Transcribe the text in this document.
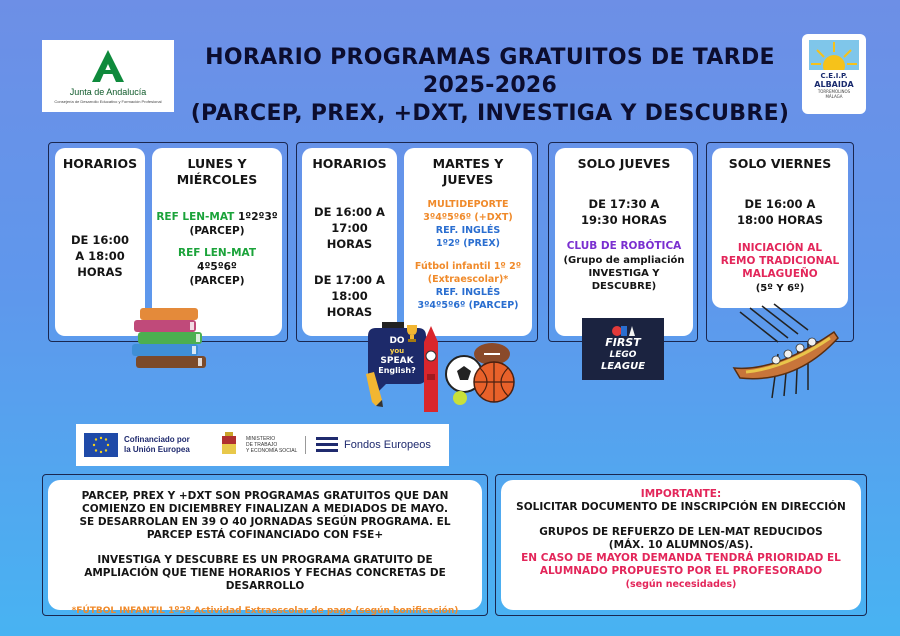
Junta de Andalucía
Consejería de Desarrollo Educativo y Formación Profesional
C.E.I.P.
ALBAIDA
TORREMOLINOS
MÁLAGA
HORARIO PROGRAMAS GRATUITOS DE TARDE 2025-2026
(PARCEP, PREX, +DXT, INVESTIGA Y DESCUBRE)
HORARIOS
DE 16:00 A 18:00 HORAS
LUNES Y MIÉRCOLES
REF LEN-MAT 1º2º3º
(PARCEP)
REF LEN-MAT
4º5º6º
(PARCEP)
HORARIOS
DE 16:00 A 17:00 HORAS
DE 17:00 A 18:00 HORAS
MARTES Y JUEVES
MULTIDEPORTE
3º4º5º6º (+DXT)
REF. INGLÉS
1º2º (PREX)
Fútbol infantil 1º 2º
(Extraescolar)*
REF. INGLÉS
3º4º5º6º (PARCEP)
DO
you
SPEAK
English?
SOLO JUEVES
DE 17:30 A 19:30 HORAS
CLUB DE ROBÓTICA
(Grupo de ampliación INVESTIGA Y DESCUBRE)
FIRST
LEGO
LEAGUE
SOLO VIERNES
DE 16:00 A 18:00 HORAS
INICIACIÓN AL REMO TRADICIONAL MALAGUEÑO
(5º Y 6º)
Cofinanciado por
la Unión Europea
MINISTERIO
DE TRABAJO
Y ECONOMÍA SOCIAL	Fondos Europeos
PARCEP, PREX Y +DXT SON PROGRAMAS GRATUITOS QUE DAN COMIENZO EN DICIEMBREY FINALIZAN A MEDIADOS DE MAYO. SE DESARROLAN EN 39 O 40 JORNADAS SEGÚN PROGRAMA. EL PARCEP ESTÁ COFINANCIADO CON FSE+
INVESTIGA Y DESCUBRE ES UN PROGRAMA GRATUITO DE AMPLIACIÓN QUE TIENE HORARIOS Y FECHAS CONCRETAS DE DESARROLLO
*FÚTBOL INFANTIL 1º2º Actividad Extraescolar de pago (según bonificación)
IMPORTANTE:
SOLICITAR DOCUMENTO DE INSCRIPCIÓN EN DIRECCIÓN
GRUPOS DE REFUERZO DE LEN-MAT REDUCIDOS
(MÁX. 10 ALUMNOS/AS).
EN CASO DE MAYOR DEMANDA TENDRÁ PRIORIDAD EL ALUMNADO PROPUESTO POR EL PROFESORADO
(según necesidades)
